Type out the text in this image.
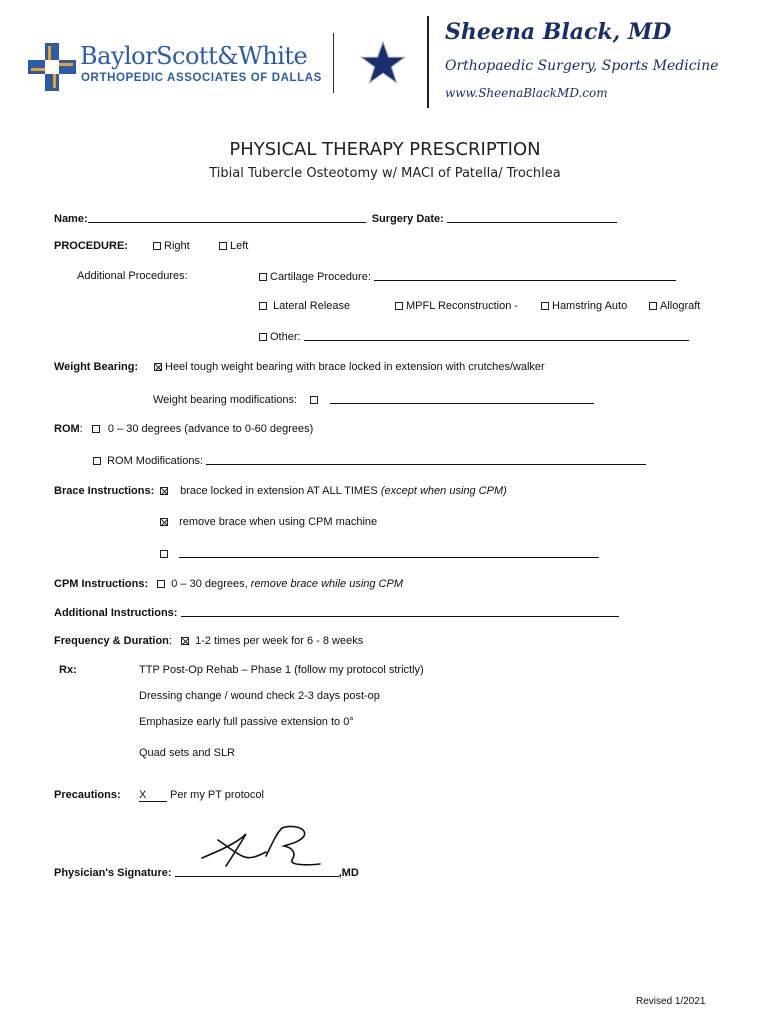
BaylorScott&White
ORTHOPEDIC ASSOCIATES OF DALLAS
Sheena Black, MD
Orthopaedic Surgery, Sports Medicine
www.SheenaBlackMD.com
PHYSICAL THERAPY PRESCRIPTION
Tibial Tubercle Osteotomy w/ MACI of Patella/ Trochlea
Name:	Surgery Date:
PROCEDURE:	Right	Left
Additional Procedures:	Cartilage Procedure:
Lateral Release	MPFL Reconstruction -	Hamstring Auto	Allograft
Other:
Weight Bearing:	Heel tough weight bearing with brace locked in extension with crutches/walker
Weight bearing modifications:
ROM: 0 – 30 degrees (advance to 0-60 degrees)
ROM Modifications:
Brace Instructions:	brace locked in extension AT ALL TIMES (except when using CPM)
remove brace when using CPM machine

CPM Instructions: 0 – 30 degrees, remove brace while using CPM
Additional Instructions:
Frequency & Duration: 1-2 times per week for 6 - 8 weeks
Rx:	TTP Post-Op Rehab – Phase 1 (follow my protocol strictly)
Dressing change / wound check 2-3 days post-op
Emphasize early full passive extension to 0°
Quad sets and SLR
Precautions: X	Per my PT protocol
Physician's Signature:	,MD
Revised 1/2021
